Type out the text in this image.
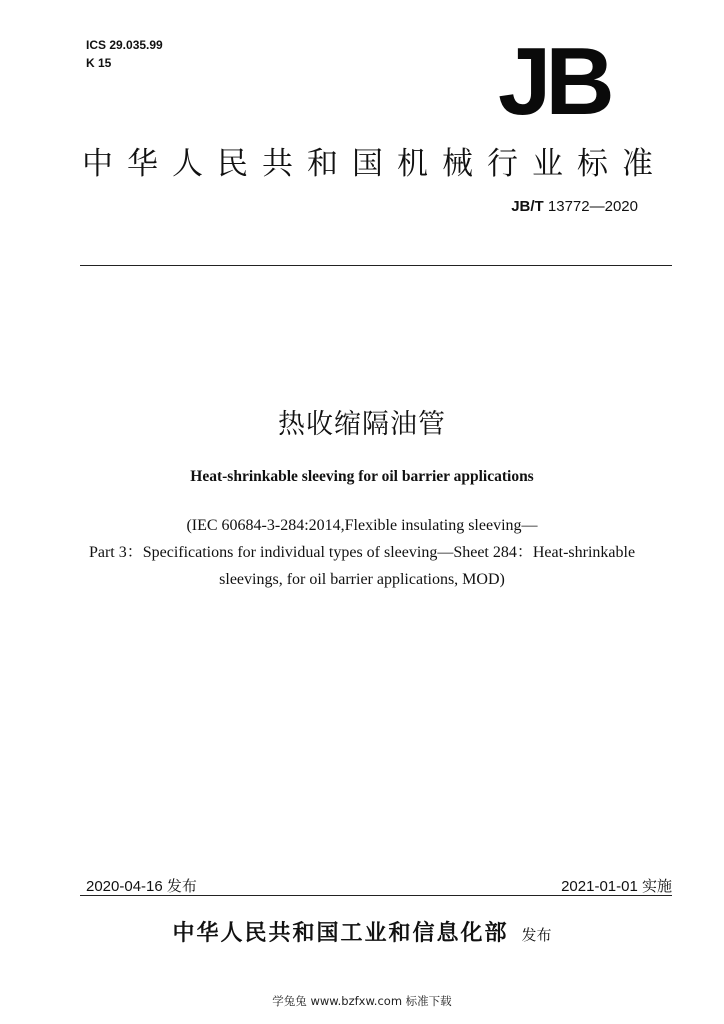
ICS 29.035.99
K 15	JB
中华人民共和国机械行业标准
JB/T 13772—2020
热收缩隔油管
Heat-shrinkable sleeving for oil barrier applications
(IEC 60684-3-284:2014,Flexible insulating sleeving—
Part 3：Specifications for individual types of sleeving—Sheet 284：Heat-shrinkable
sleevings, for oil barrier applications, MOD)
2020-04-16 发布	2021-01-01 实施
中华人民共和国工业和信息化部 发布
学兔兔 www.bzfxw.com 标准下载
